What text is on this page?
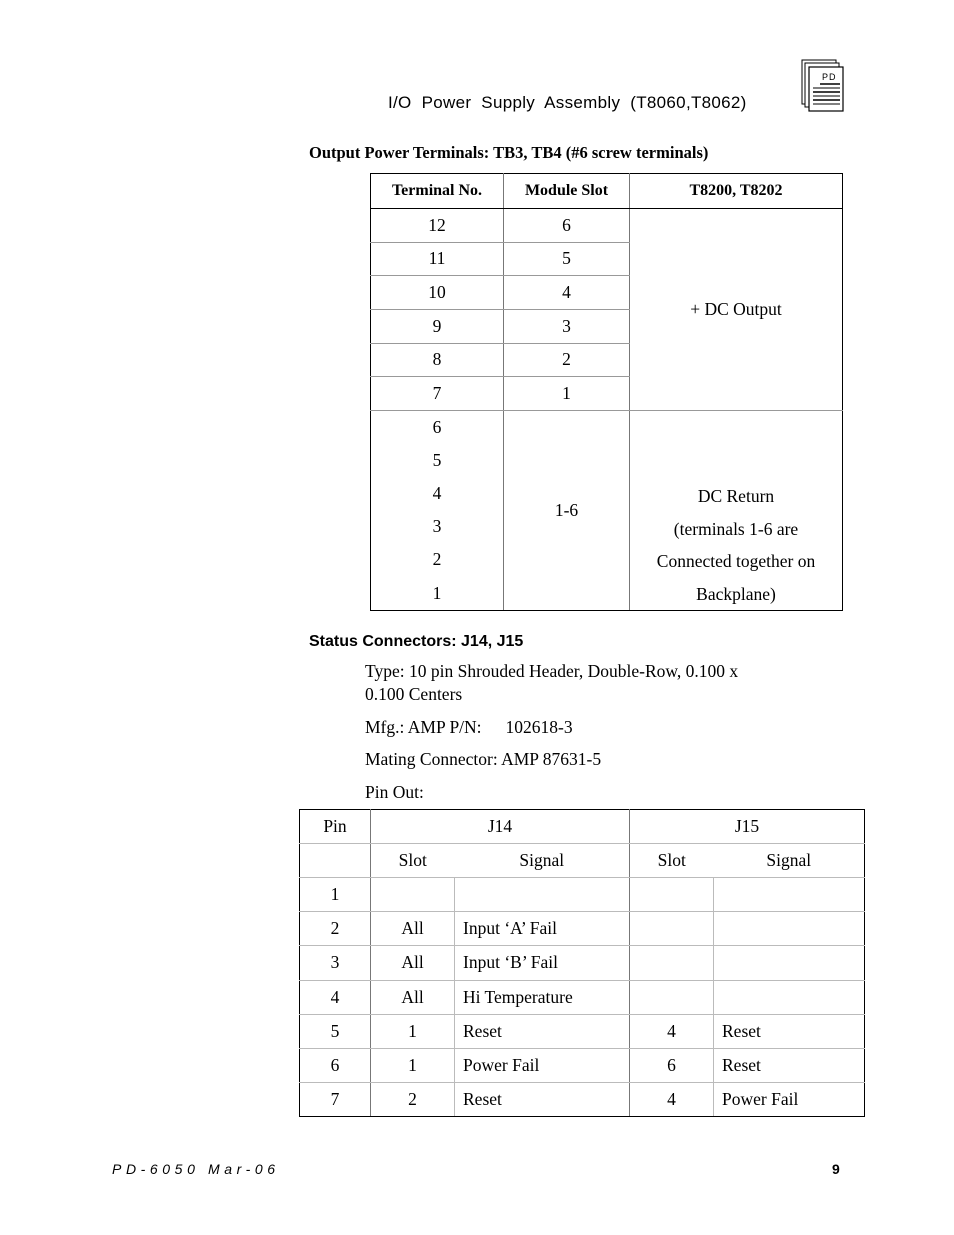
I/O Power Supply Assembly (T8060,T8062)
PD
Output Power Terminals: TB3, TB4 (#6 screw terminals)
Terminal No.	Module Slot	T8200, T8202
12	6	+ DC Output
11	5	
10	4	
9	3	
8	2	
7	1	
6	1-6	DC Return
(terminals 1-6 are
Connected together on
Backplane)

5		
4		
3		
2		
1		
Status Connectors: J14, J15
Type: 10 pin Shrouded Header, Double-Row, 0.100 x
0.100 Centers
Mfg.: AMP P/N: 102618-3
Mating Connector: AMP 87631-5
Pin Out:
Pin	J14		J15	
	Slot	Signal	Slot	Signal
1				
2	All	Input ‘A’ Fail		
3	All	Input ‘B’ Fail		
4	All	Hi Temperature		
5	1	Reset	4	Reset
6	1	Power Fail	6	Reset
7	2	Reset	4	Power Fail
PD-6050 Mar-06	9
